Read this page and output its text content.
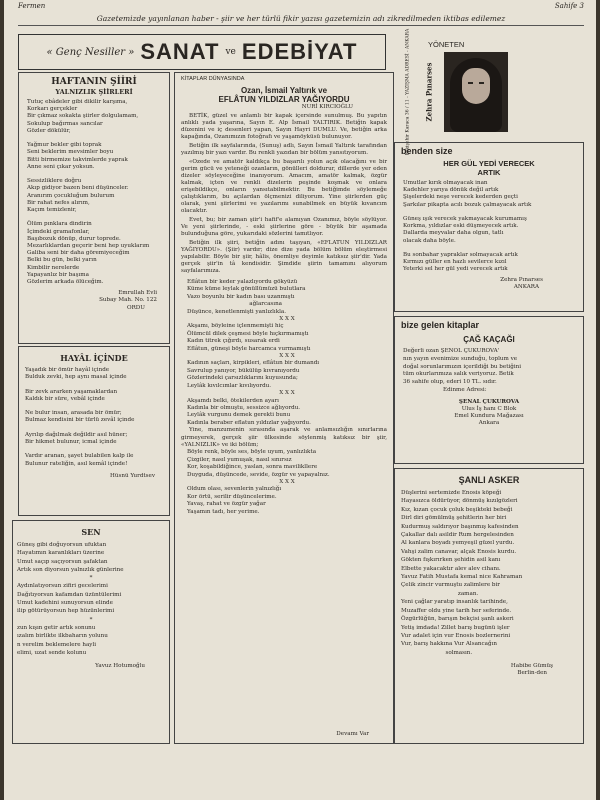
Fermen	Sahife 3
Gazetemizde yayınlanan haber - şiir ve her türlü fikir yazısı gazetemizin adı zikredilmeden iktibas edilemez
« Genç Nesiller » SANAT ve EDEBİYAT	YÖNETEN
Eskişehir Karaca 36 / 11 - YAZIŞMA ADRESİ - ANKARA Zehra Pınarses
HAFTANIN ŞİİRİ
YALNIZLIK ŞİİRLERİ
Tutuç ebâdeler gibi dikilir karşıma,
Korkarı gerçekler
Bir çıkmaz sokakta şiirler dolgulamam,
Sokulup bağırmas sancılar
Gözler dökülür,

Yağmur bekler gibi toprak
Seni beklerim mevsimler boyu
Bitti birmemize takvimlerde yaprak
Anne seni çıkar yoksun.

Sessizliklere doğru
Akıp gidiyor bazen beni düşünceler.
Aranırım çocukluğum bulurum
Bir rahat nefes alırım,
Kaçım temizlenir,

Ölüm pınklara dindirin
İçimdeki gramafonlar,
Başıbozuk dönüp, durur toprede.
Mezarlıklardan geçerir beni hep uyuklarım
Galiba seni bir daha göremiyeceğim
Belki bu gün, belki yarın
Kimbilir nerelerde
Yapayanlız bir başıma
Gözlerim arkada ölüceğim.
Emrullah Evli
Subay Mah. No. 122
ORDU
HAYÂL İÇİNDE
Yaşadık bir ömür hayâl içinde
Bulduk zevki, hep aynı masal içinde

Bir zevk ararken yaşamaklardan
Kaldık bir süre, vebâl içinde

Ne bulur insan, arasada bir ömür;
Bulmaz kendisini bir türlü zevâl içinde

Ayrılıp dağılmak değildir asıl hüner;
Bir hikmet bulunur, icmal içinde

Vardır aranan, şayet bulabilen kalp ile
Bulunur rateliğin, asıl kemâl içinde!
Hüsnü Yurdtsev
SEN
Güneş gibi doğuyorsun ufuktan
Hayatımın karanlıkları üzerine
Umut saçıp saçıyorsun şafaktan
Artık son diyorsun yalnızlık günlerine
*
Aydınlatıyorsun zifiri gecelerimi
Dağıtıyorsun kafamdan üzüntülerimi
Umut kadehini sunuyorsun elinde
ilip götürüyorsun hep hüzünlerimi
*
zun kışın getir artık sonunu
ızalım birlikte ilkbaharın yolunu
n verelim beklemelere hayli
elimi, uzat sende kolunu
Yavuz Hotumoğlu
KİTAPLAR DÜNYASINDA
Ozan, İsmail Yaltırık ve
EFLÂTUN YILDIZLAR YAĞIYORDU
NURİ KIRCIOĞLU
BETİK, güzel ve anlamlı bir kapak içersinde sunulmuş. Bu yapıtın anlıklı yada yaşarına, Sayın E. Alp İsmail YALTIRIK. Betiğin kapak düzenini ve iç desenleri yapan, Sayın Hayri DUMLU. Ve, betiğin arka kapağında, Ozanımızın fotoğrafı ve yaşamöyküsü bulunuyor.
Betiğin ilk sayfalarında, (Sunuş) adlı, Sayın İsmail Yaltırık tarafından yazılmış bir yazı vardır. Bu renkli yazıdan bir bölüm yansıtıyorum.
«Ozede ve amatör kaldıkça bu başarılı yolun açık olacağını ve bir gerim gücü ve yeteneği ozanların, gönülleri doldurur, dillerde yer eden dizeler söyleyeceğine inanıyorum. Amacım, amatör kalmak, özgür kalmak, içten ve renkli dizelerin peşinde koşmak ve onlara erişebildikçe, onların yansıtabilmektir. Bu betiğimde söylemeğe çalıştıklarım, bu açılardan ölçmenizi diliyorum. Yine şiirlerden güç olarak, yeni şiirlerimi ve yazılarımı sunabilmek en büyük kıvancım olacaktır.
Evet, bu; bir zaman şiir'i hafif'e alamıyan Ozanımız, böyle söylüyor. Ve yeni şiirlerinde, - eski şiirlerine göre - büyük bir aşamada bulunduğuna göre, yukarıdaki sözlerini tamıtlıyor.
Betiğin ilk şiiri, betiğin adını taşıyan, «EFLATUN YILDIZLAR YAĞIYORDU». (Şiir) vardır; dize dize yada bölüm bölüm eleştirmesi yapılabilir. Böyle bir şiir, hâlis, önemliye deyimle katıksız şiir'dir. Yada gerçek şiir'in tâ kendisidir. Şimdide şiirin tamamını alıyorum sayfalarımıza.
Eflâtun bir keder yalazlıyordu gökyüzü
Küme küme leylak gönüllümüzü bulutlara
Vazo boyunlu bir kadın bası uzanmıştı
ağlarcasına
Düşünce, kenetlenmişti yanlızlıkla.
X X X
Akşamı, böyleine içlenmemişti hiç
Ölümcül dilek çeşmesi böyle hıçkırmamıştı
Kadın titrek çığırdı, susarak erdi
Eflâtun, güneşi böyle harcamca vurmamıştı
X X X
Kadının saçları, kirpikleri, eflâtun bir dumandı
Savrulup yanıyor, bükülüp kıvranıyordu
Gözlerindeki çarsızlıklarını kuyusunda;
Leylâk kıvılcımlar kıvılıyordu.
X X X
Akşamdı belki, ötekilerden ayarı
Kadınla bir olmuştu, sessizce ağlıyordu.
Leylâk vurgunu demek gerekti bunu
Kadınla beraber eflatun yıldızlar yağıyordu.
Yine, manzumenin sırasında aşarak ve anlamsızlığın sınırlarına girmeyerek, gerçek şiir ülkesinde söylenmiş katıksız bir şiir, «YALNIZLIK» ve iki bölüm;
Böyle renk, böyle ses, böyle uyum, yanlızlıkta
Çizgiler, nasıl yumuşak, nasıl sınırsız
Kor, koşabildiğince, yaslan, sonra mavilikllere
Duyguda, düşüncede, sevide, özgür ve yapayalnız.
X X X
Oldum olası, sevenlerin yalnızlığı
Kor örtü, serilir düşüncelerime.
Yavaş, rahat ve özgür yağar
Yaşamın tadı, her yerime.
Devamı Var
benden size
HER GÜL YEDİ VERECEK ARTIK
Umutlar kırık olmayacak inan
Kadehler yarıya dönük değil artık
Şişelerdeki neşe verecek kederden geçti
Şarkılar pikapta acılı bozuk çalmayacak artık

Güneş ışık verecek yakmayacak kurumamış
Korkma, yıldızlar eski düşmeyecek artık.
Dallarda meyvalar daha olgun, tatlı
olacak daha böyle.

Bu sonbahar yapraklar solmayacak artık
Kırmızı güller en hazlı sevilerce kızıl
Yeterki sel her gül yedi verecek artık
Zehra Pınarses
ANKARA
bize gelen kitaplar
ÇAĞ KAÇAĞI
Değerli ozan ŞENOL ÇUKUROVA'
nın yayın evenimize sunduğu, toplum ve
doğal sorunlarımızın içerildiği bu betiğini
tüm okurlarımıza salık veriyoruz. Betik
36 sahife olup, ederi 10 TL. sıdır.
Edinme Adresi:
ŞENAL ÇUKUROVA
Ulus İş hanı C Blok
Emel Kundura Mağazası
Ankara
ŞANLI ASKER
Düşlerini sertemizde Enosis köpeği
Hayasızca öldürüyor, dönmüş kızılgözleri
Kız, kızan çocuk çoluk beşikteki bebeği
Dirl diri gömülmüş şehitlerin her biri
Kudurmuş saldırıyor başınmış kafesinden
Çakallar dalı asildir Rum hergelesinden
Al kanlara boyadı yemyeşil güzel yurdu.
Vahşi zalim canavar, alçak Enosis kurdu.
Gökten fışkırırken şehidin asil kanı
Elbette yakacaktır alev alev cihanı.
Yavuz Fatih Mustafa kemal nice Kahraman
Çelik zincir vurmuştu zalimlere bir
zaman.
Yeni çağlar yaratıp insanlık tarihinde,
Muzaffer oldu yine tarih her seferinde.
Özgürlüğün, barışın bekçisi şanlı askeri
Yetiş imdada! Zillet barış bugünü işler
Vur adalet için vur Enosis bozlernerini
Vur, barış hakkına Vur Alsancağın
solmasın.
Habibe Gümüş
Berlin-den
